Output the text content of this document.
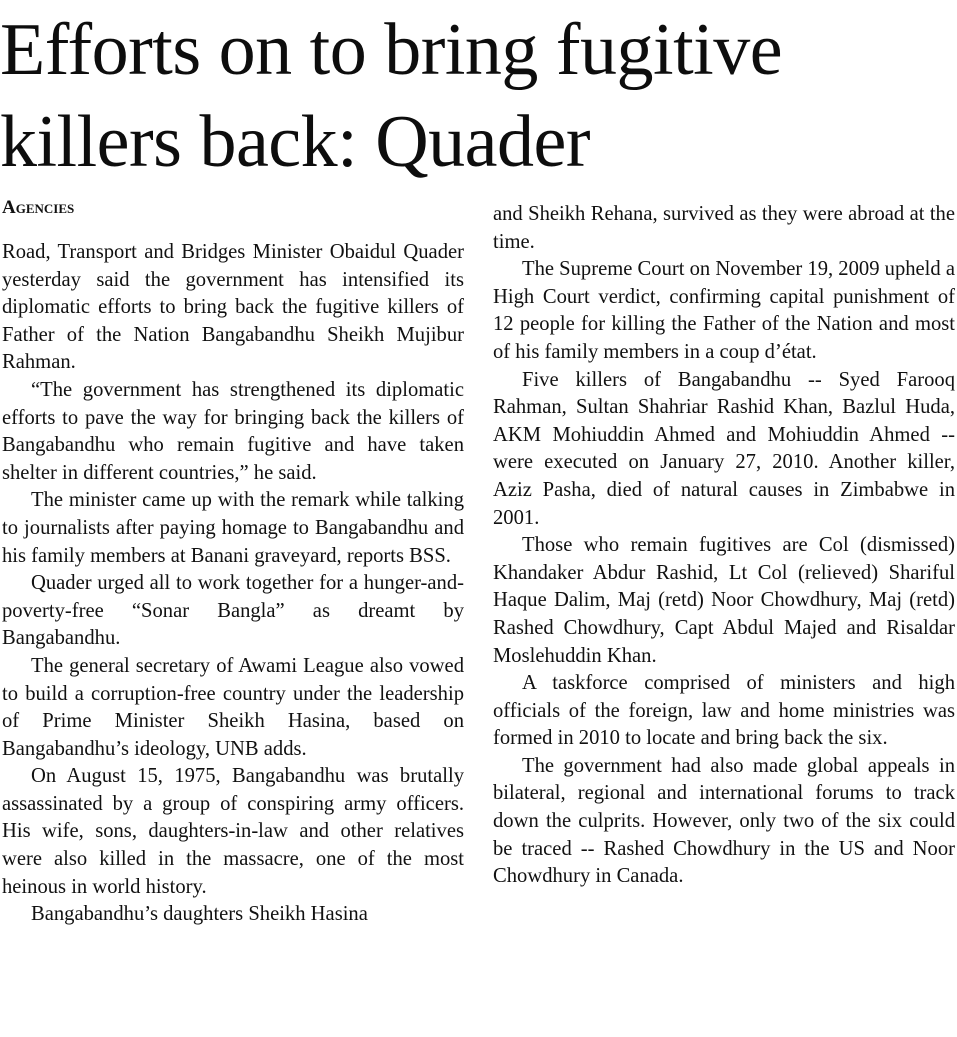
Efforts on to bring fugitive
killers back: Quader
Agencies

Road, Transport and Bridges Minister Obaidul Quader yesterday said the government has intensified its diplomatic efforts to bring back the fugitive killers of Father of the Nation Bangabandhu Sheikh Mujibur Rahman.

“The government has strengthened its diplomatic efforts to pave the way for bringing back the killers of Bangabandhu who remain fugitive and have taken shelter in different countries,” he said.

The minister came up with the remark while talking to journalists after paying homage to Bangabandhu and his family members at Banani graveyard, reports BSS.

Quader urged all to work together for a hunger-and-poverty-free “Sonar Bangla” as dreamt by Bangabandhu.

The general secretary of Awami League also vowed to build a corruption-free country under the leadership of Prime Minister Sheikh Hasina, based on Bangabandhu’s ideology, UNB adds.

On August 15, 1975, Bangabandhu was brutally assassinated by a group of conspiring army officers. His wife, sons, daughters-in-law and other relatives were also killed in the massacre, one of the most heinous in world history.

Bangabandhu’s daughters Sheikh Hasina

and Sheikh Rehana, survived as they were abroad at the time.

The Supreme Court on November 19, 2009 upheld a High Court verdict, confirming capital punishment of 12 people for killing the Father of the Nation and most of his family members in a coup d’état.

Five killers of Bangabandhu -- Syed Farooq Rahman, Sultan Shahriar Rashid Khan, Bazlul Huda, AKM Mohiuddin Ahmed and Mohiuddin Ahmed -- were executed on January 27, 2010. Another killer, Aziz Pasha, died of natural causes in Zimbabwe in 2001.

Those who remain fugitives are Col (dismissed) Khandaker Abdur Rashid, Lt Col (relieved) Shariful Haque Dalim, Maj (retd) Noor Chowdhury, Maj (retd) Rashed Chowdhury, Capt Abdul Majed and Risaldar Moslehuddin Khan.

A taskforce comprised of ministers and high officials of the foreign, law and home ministries was formed in 2010 to locate and bring back the six.

The government had also made global appeals in bilateral, regional and international forums to track down the culprits. However, only two of the six could be traced -- Rashed Chowdhury in the US and Noor Chowdhury in Canada.
